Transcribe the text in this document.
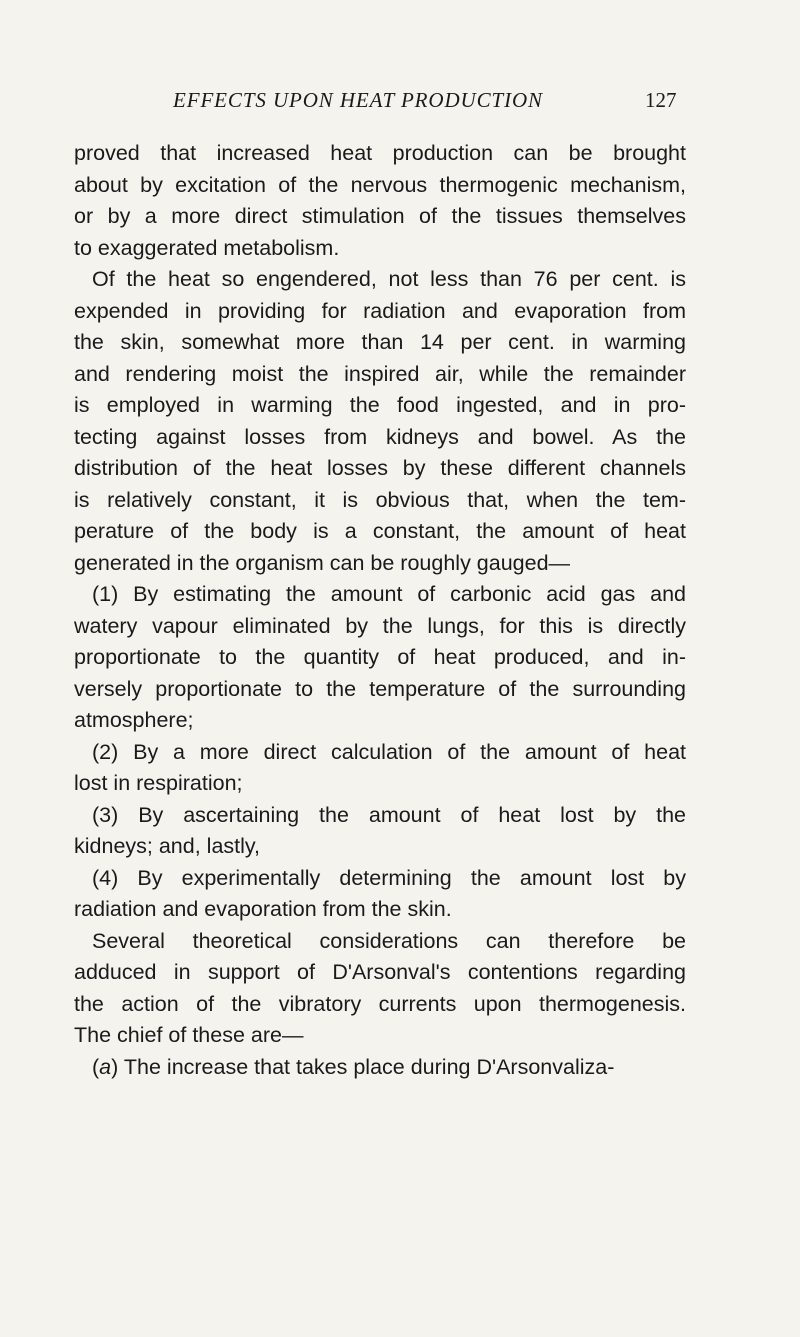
EFFECTS UPON HEAT PRODUCTION	127
proved that increased heat production can be brought
about by excitation of the nervous thermogenic mechanism,
or by a more direct stimulation of the tissues themselves
to exaggerated metabolism.
Of the heat so engendered, not less than 76 per cent. is
expended in providing for radiation and evaporation from
the skin, somewhat more than 14 per cent. in warming
and rendering moist the inspired air, while the remainder
is employed in warming the food ingested, and in pro-
tecting against losses from kidneys and bowel. As the
distribution of the heat losses by these different channels
is relatively constant, it is obvious that, when the tem-
perature of the body is a constant, the amount of heat
generated in the organism can be roughly gauged—
(1) By estimating the amount of carbonic acid gas and
watery vapour eliminated by the lungs, for this is directly
proportionate to the quantity of heat produced, and in-
versely proportionate to the temperature of the surrounding
atmosphere;
(2) By a more direct calculation of the amount of heat
lost in respiration;
(3) By ascertaining the amount of heat lost by the
kidneys; and, lastly,
(4) By experimentally determining the amount lost by
radiation and evaporation from the skin.
Several theoretical considerations can therefore be
adduced in support of D'Arsonval's contentions regarding
the action of the vibratory currents upon thermogenesis.
The chief of these are—
(a) The increase that takes place during D'Arsonvaliza-
